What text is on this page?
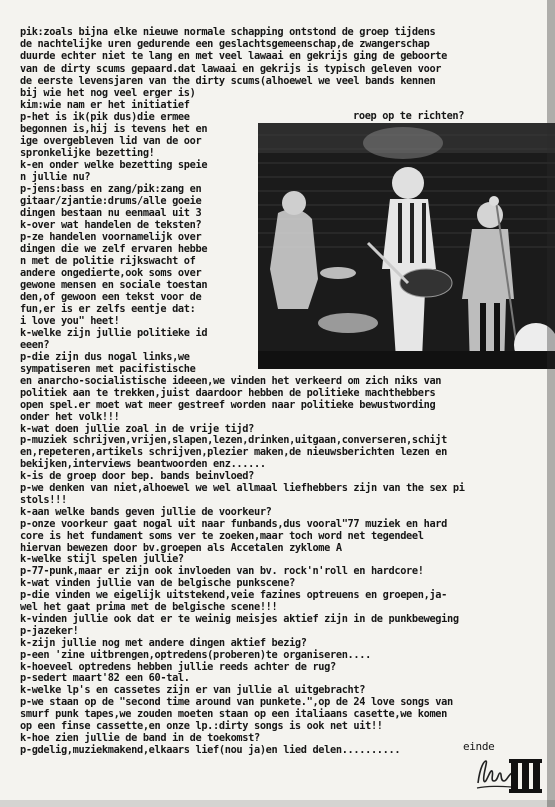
pik:zoals bijna elke nieuwe normale schapping ontstond de groep tijdens
de nachtelijke uren gedurende een geslachtsgemeenschap,de zwangerschap
duurde echter niet te lang en met veel lawaai en gekrijs ging de geboorte
van de dirty scums gepaard.dat lawaai en gekrijs is typisch geleven voor
de eerste levensjaren van the dirty scums(alhoewel we veel bands kennen
bij wie het nog veel erger is)
roep op te richten?
kim:wie nam er het initiatief
p-het is ik(pik dus)die ermee
begonnen is,hij is tevens het en
ige overgebleven lid van de oor
spronkelijke bezetting!
k-en onder welke bezetting speie
n jullie nu?
p-jens:bass en zang/pik:zang en
gitaar/zjantie:drums/alle goeie
dingen bestaan nu eenmaal uit 3
k-over wat handelen de teksten?
p-ze handelen voornamelijk over
dingen die we zelf ervaren hebbe
n met de politie rijkswacht of
andere ongedierte,ook soms over
gewone mensen en sociale toestan
den,of gewoon een tekst voor de
fun,er is er zelfs eentje dat:
i love you" heet!
k-welke zijn jullie politieke id
eeen?
p-die zijn dus nogal links,we
sympatiseren met pacifistische
en anarcho-socialistische ideeen,we vinden het verkeerd om zich niks van
politiek aan te trekken,juist daardoor hebben de politieke machthebbers
open spel.er moet wat meer gestreef worden naar politieke bewustwording
onder het volk!!!
k-wat doen jullie zoal in de vrije tijd?
p-muziek schrijven,vrijen,slapen,lezen,drinken,uitgaan,converseren,schijt
en,repeteren,artikels schrijven,plezier maken,de nieuwsberichten lezen en
bekijken,interviews beantwoorden enz......
k-is de groep door bep. bands beinvloed?
p-we denken van niet,alhoewel we wel allmaal liefhebbers zijn van the sex pi
stols!!!
k-aan welke bands geven jullie de voorkeur?
p-onze voorkeur gaat nogal uit naar funbands,dus vooral"77 muziek en hard
core is het fundament soms ver te zoeken,maar toch word net tegendeel
hiervan bewezen door bv.groepen als Accetalen zyklome A
k-welke stijl spelen jullie?
p-77-punk,maar er zijn ook invloeden van bv. rock'n'roll en hardcore!
k-wat vinden jullie van de belgische punkscene?
p-die vinden we eigelijk uitstekend,veie fazines optreuens en groepen,ja-
wel het gaat prima met de belgische scene!!!
k-vinden jullie ook dat er te weinig meisjes aktief zijn in de punkbeweging
p-jazeker!
k-zijn jullie nog met andere dingen aktief bezig?
p-een 'zine uitbrengen,optredens(proberen)te organiseren....
k-hoeveel optredens hebben jullie reeds achter de rug?
p-sedert maart'82 een 60-tal.
k-welke lp's en cassetes zijn er van jullie al uitgebracht?
p-we staan op de "second time around van punkete.",op de 24 love songs van
smurf punk tapes,we zouden moeten staan op een italiaans casette,we komen
op een finse cassette,en onze lp.:dirty songs is ook net uit!!
k-hoe zien jullie de band in de toekomst?
p-gdelig,muziekmakend,elkaars lief(nou ja)en lied delen..........	einde
